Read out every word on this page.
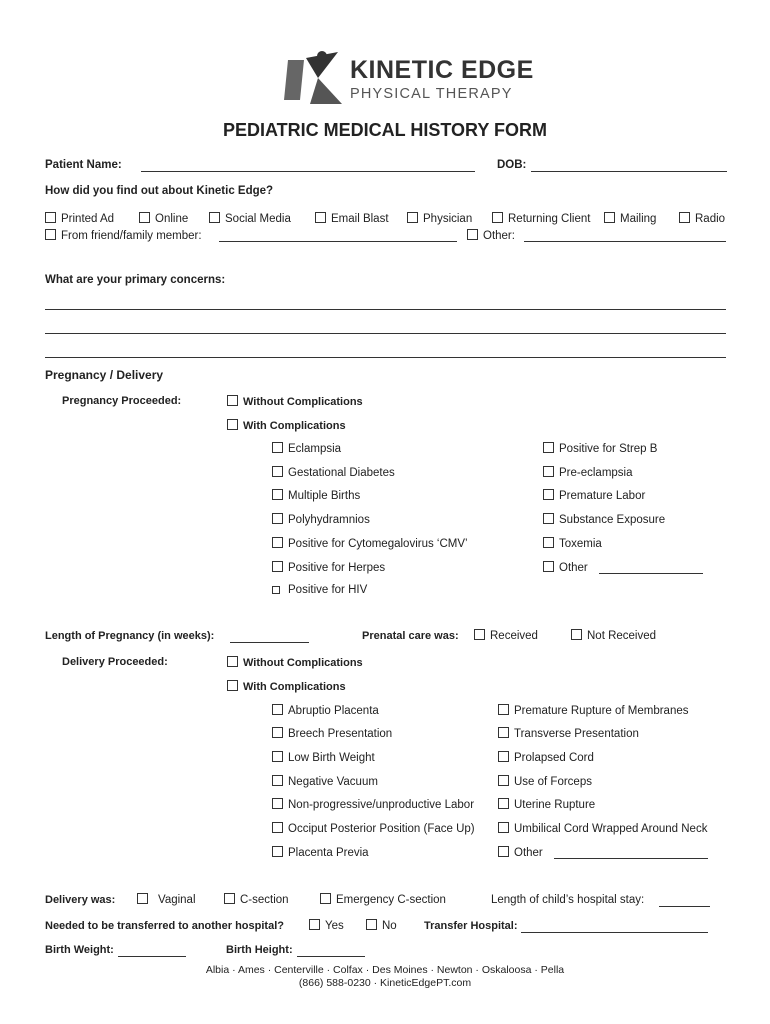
KINETIC EDGE
PHYSICAL THERAPY
PEDIATRIC MEDICAL HISTORY FORM
Patient Name:	DOB:
How did you find out about Kinetic Edge?
Printed Ad	Online	Social Media	Email Blast	Physician	Returning Client	Mailing	Radio
From friend/family member:	Other:
What are your primary concerns:
Pregnancy / Delivery
Pregnancy Proceeded:	Without Complications
With Complications
Eclampsia
Gestational Diabetes
Multiple Births
Polyhydramnios
Positive for Cytomegalovirus ‘CMV’
Positive for Herpes
Positive for HIV
Positive for Strep B
Pre-eclampsia
Premature Labor
Substance Exposure
Toxemia
Other
Length of Pregnancy (in weeks):	Prenatal care was:	Received	Not Received
Delivery Proceeded:	Without Complications
With Complications
Abruptio Placenta
Breech Presentation
Low Birth Weight
Negative Vacuum
Non-progressive/unproductive Labor
Occiput Posterior Position (Face Up)
Placenta Previa
Premature Rupture of Membranes
Transverse Presentation
Prolapsed Cord
Use of Forceps
Uterine Rupture
Umbilical Cord Wrapped Around Neck
Other
Delivery was:	Vaginal	C-section	Emergency C-section	Length of child’s hospital stay:
Needed to be transferred to another hospital?	Yes	No Transfer Hospital:
Birth Weight:	Birth Height:
Albia · Ames · Centerville · Colfax · Des Moines · Newton · Oskaloosa · Pella
(866) 588-0230 · KineticEdgePT.com
